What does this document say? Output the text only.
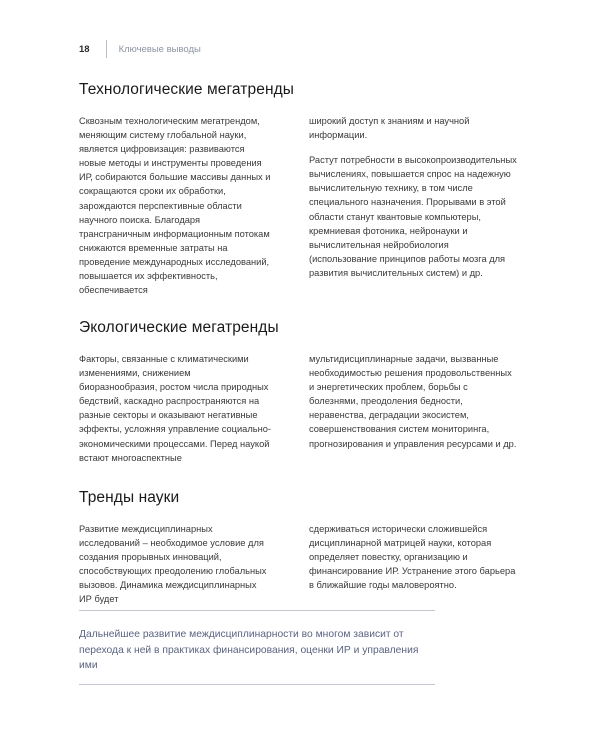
18	Ключевые выводы
Технологические мегатренды

Сквозным технологическим мегатрендом, меняющим систему глобальной науки, является цифровизация: развиваются новые методы и инструменты проведения ИР, собираются большие массивы данных и сокращаются сроки их обработки, зарождаются перспективные области научного поиска. Благодаря трансграничным информационным потокам снижаются временные затраты на проведение международных исследований, повышается их эффективность, обеспечивается

широкий доступ к знаниям и научной информации.

Растут потребности в высокопроизводительных вычислениях, повышается спрос на надежную вычислительную технику, в том числе специального назначения. Прорывами в этой области станут квантовые компьютеры, кремниевая фотоника, нейронауки и вычислительная нейробиология (использование принципов работы мозга для развития вычислительных систем) и др.

Экологические мегатренды

Факторы, связанные с климатическими изменениями, снижением биоразнообразия, ростом числа природных бедствий, каскадно распространяются на разные секторы и оказывают негативные эффекты, усложняя управление социально-экономическими процессами. Перед наукой встают многоаспектные

мультидисциплинарные задачи, вызванные необходимостью решения продовольственных и энергетических проблем, борьбы с болезнями, преодоления бедности, неравенства, деградации экосистем, совершенствования систем мониторинга, прогнозирования и управления ресурсами и др.

Тренды науки

Развитие междисциплинарных исследований – необходимое условие для создания прорывных инноваций, способствующих преодолению глобальных вызовов. Динамика междисциплинарных ИР будет

сдерживаться исторически сложившейся дисциплинарной матрицей науки, которая определяет повестку, организацию и финансирование ИР. Устранение этого барьера в ближайшие годы маловероятно.

Дальнейшее развитие междисциплинарности во многом зависит от перехода к ней в практиках финансирования, оценки ИР и управления ими
